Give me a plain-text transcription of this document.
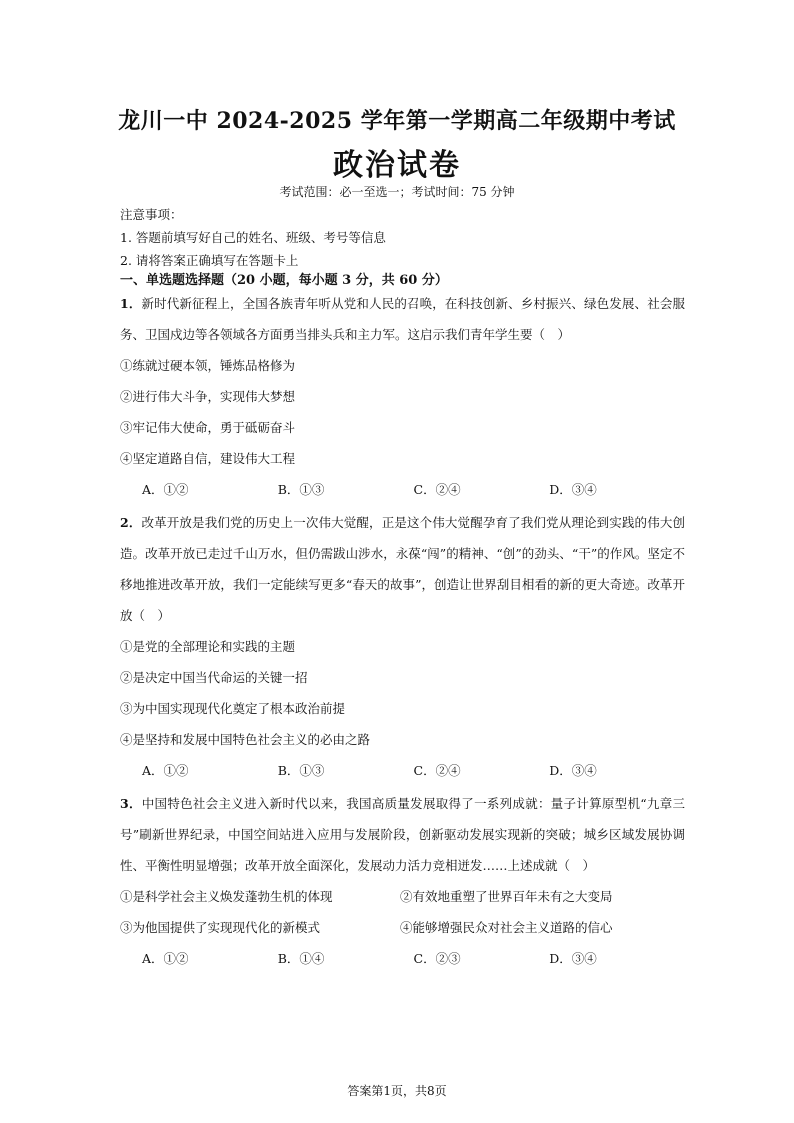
龙川一中 2024-2025 学年第一学期高二年级期中考试
政治试卷
考试范围：必一至选一；考试时间：75 分钟
注意事项：
1. 答题前填写好自己的姓名、班级、考号等信息
2. 请将答案正确填写在答题卡上
一、单选题选择题（20 小题，每小题 3 分，共 60 分）
1．新时代新征程上，全国各族青年听从党和人民的召唤，在科技创新、乡村振兴、绿色发展、社会服务、卫国戍边等各领域各方面勇当排头兵和主力军。这启示我们青年学生要（　）
①练就过硬本领，锤炼品格修为
②进行伟大斗争，实现伟大梦想
③牢记伟大使命，勇于砥砺奋斗
④坚定道路自信，建设伟大工程
A．①②	B．①③	C．②④	D．③④
2．改革开放是我们党的历史上一次伟大觉醒，正是这个伟大觉醒孕育了我们党从理论到实践的伟大创造。改革开放已走过千山万水，但仍需跋山涉水，永葆“闯”的精神、“创”的劲头、“干”的作风。坚定不移地推进改革开放，我们一定能续写更多“春天的故事”，创造让世界刮目相看的新的更大奇迹。改革开放（　）
①是党的全部理论和实践的主题
②是决定中国当代命运的关键一招
③为中国实现现代化奠定了根本政治前提
④是坚持和发展中国特色社会主义的必由之路
A．①②	B．①③	C．②④	D．③④
3．中国特色社会主义进入新时代以来，我国高质量发展取得了一系列成就：量子计算原型机“九章三号”刷新世界纪录，中国空间站进入应用与发展阶段，创新驱动发展实现新的突破；城乡区域发展协调性、平衡性明显增强；改革开放全面深化，发展动力活力竞相迸发……上述成就（　）
①是科学社会主义焕发蓬勃生机的体现	②有效地重塑了世界百年未有之大变局
③为他国提供了实现现代化的新模式	④能够增强民众对社会主义道路的信心
A．①②	B．①④	C．②③	D．③④
答案第1页，共8页
